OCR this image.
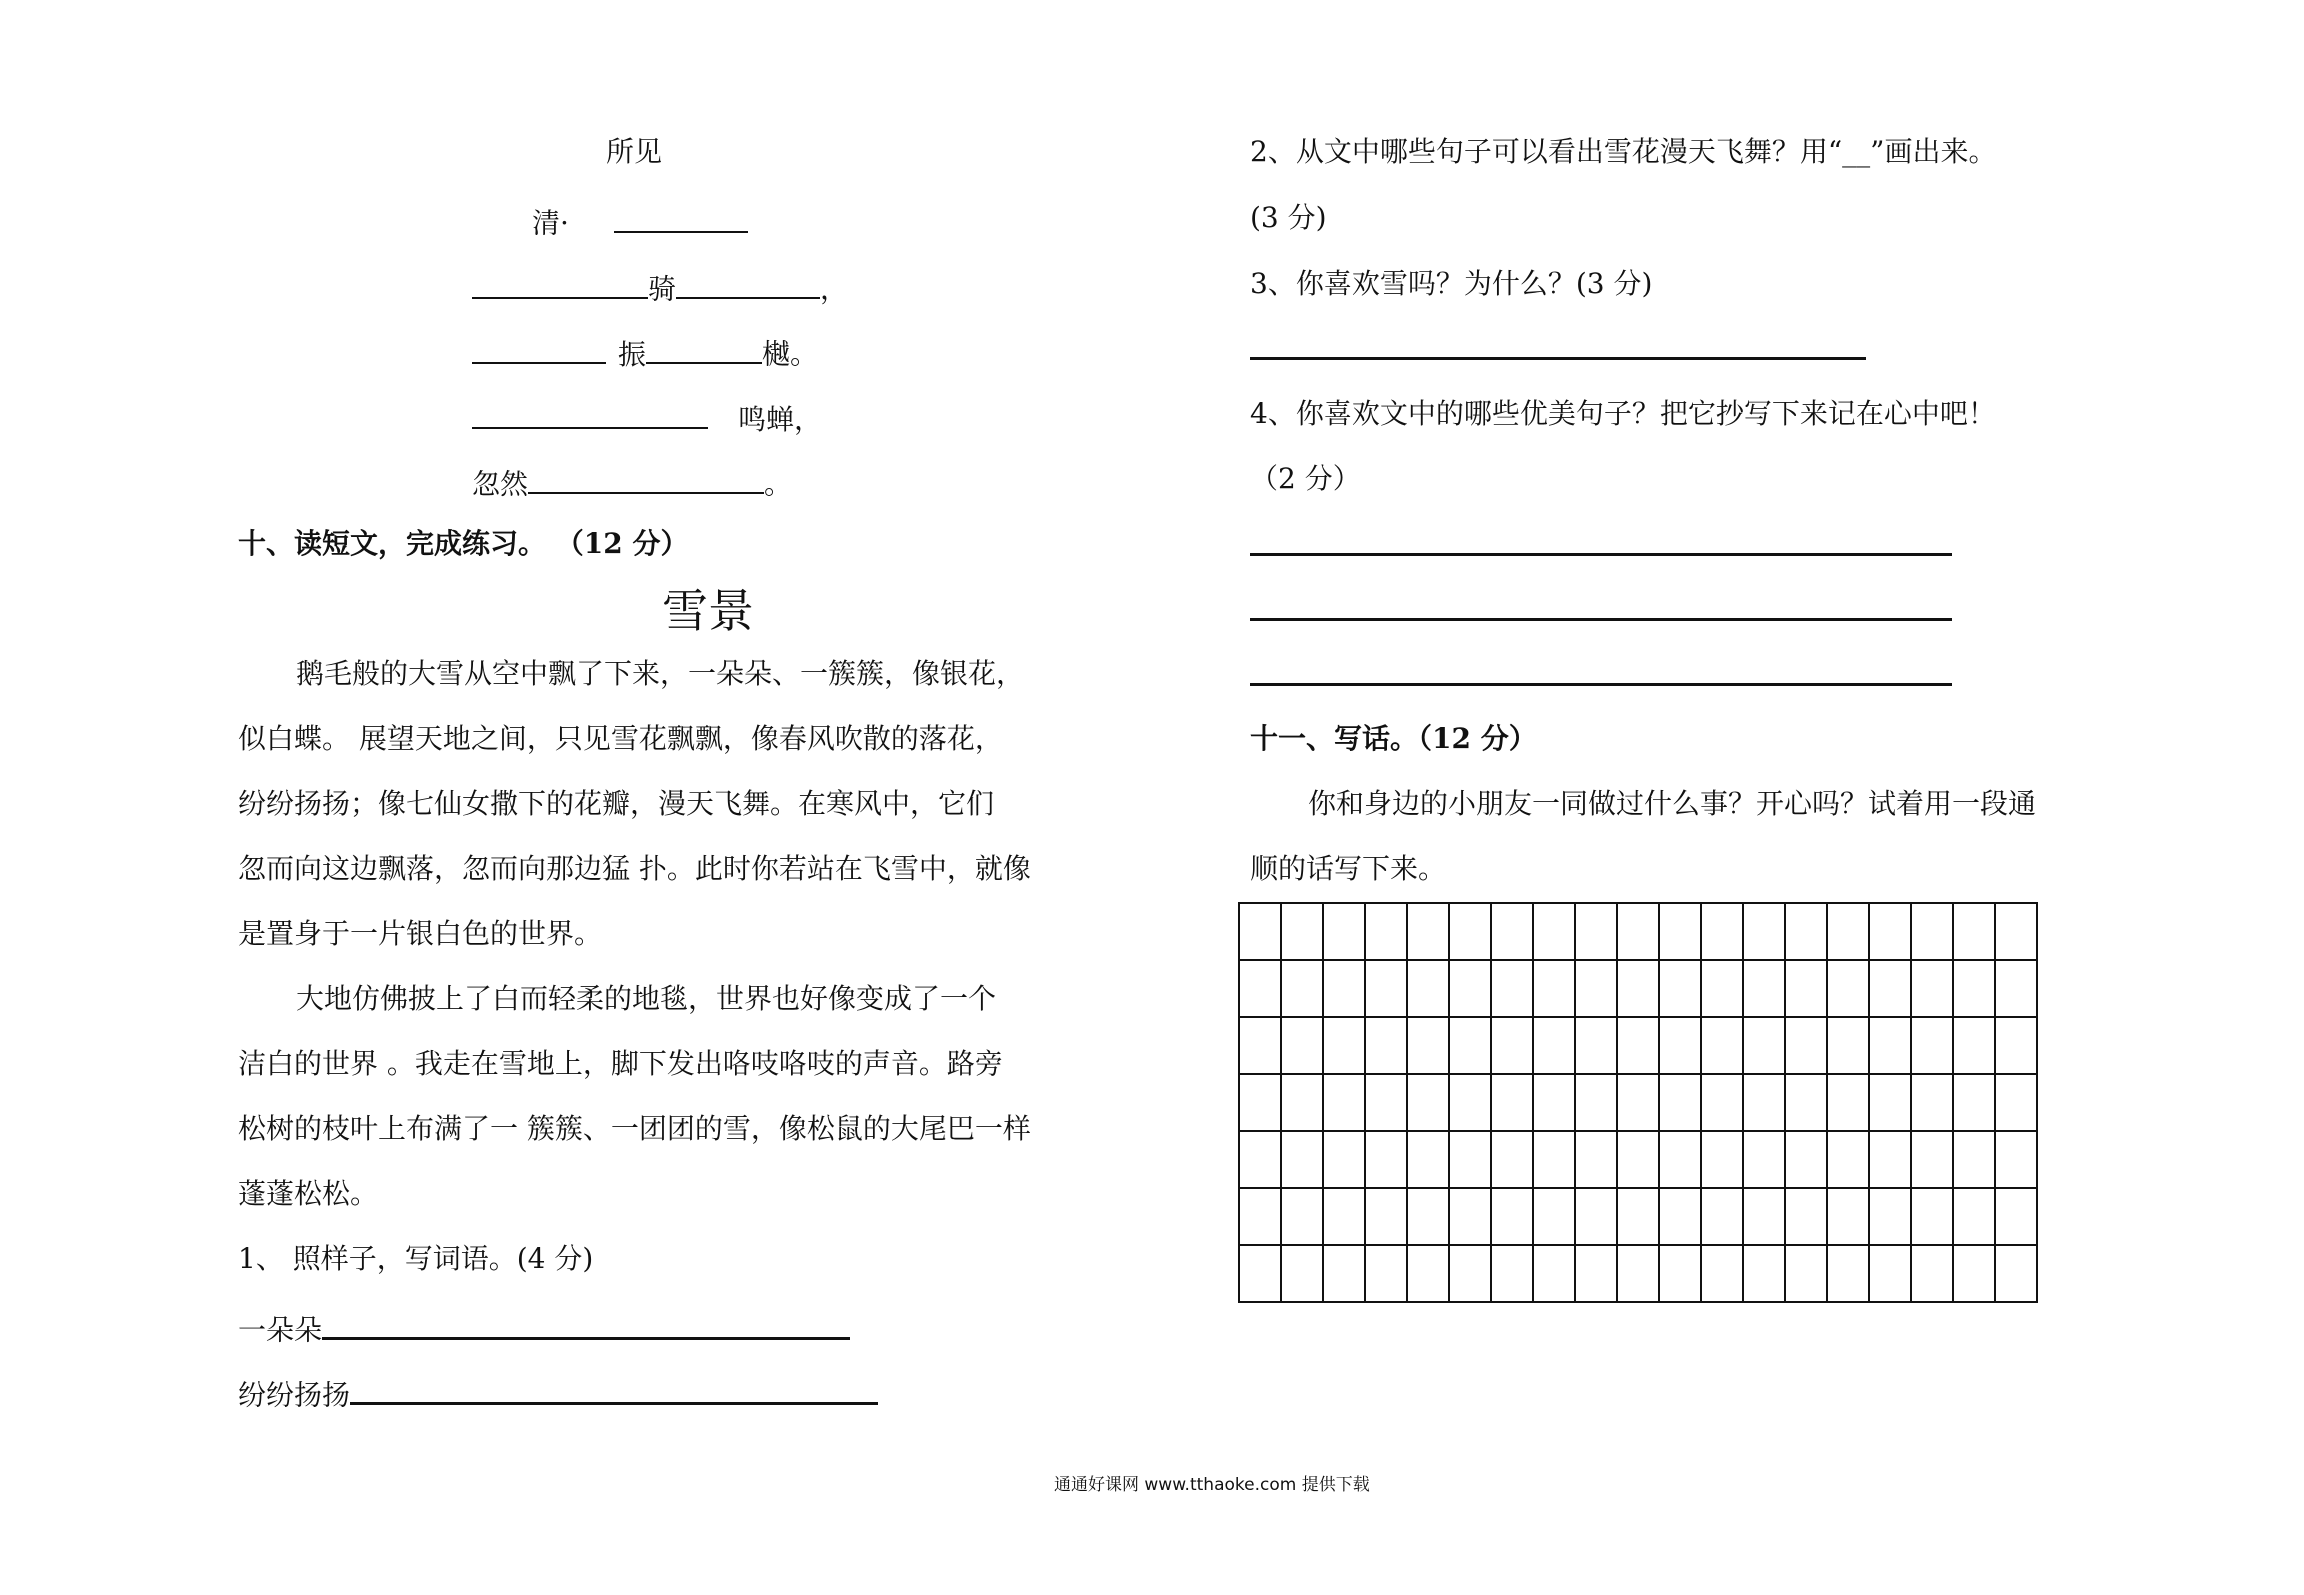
所见
清·
骑	，
振	樾。
鸣蝉，
忽然	。
十、读短文，完成练习。 （12 分）
雪景
鹅毛般的大雪从空中飘了下来，一朵朵、一簇簇，像银花，
似白蝶。 展望天地之间，只见雪花飘飘，像春风吹散的落花，
纷纷扬扬；像七仙女撒下的花瓣，漫天飞舞。在寒风中，它们
忽而向这边飘落，忽而向那边猛 扑。此时你若站在飞雪中，就像
是置身于一片银白色的世界。
大地仿佛披上了白而轻柔的地毯，世界也好像变成了一个
洁白的世界 。我走在雪地上，脚下发出咯吱咯吱的声音。路旁
松树的枝叶上布满了一 簇簇、一团团的雪，像松鼠的大尾巴一样
蓬蓬松松。
1、 照样子，写词语。(4 分)
一朵朵
纷纷扬扬
2、从文中哪些句子可以看出雪花漫天飞舞？用“__”画出来。
(3 分)
3、你喜欢雪吗？为什么？(3 分)
4、你喜欢文中的哪些优美句子？把它抄写下来记在心中吧！
（2 分）
十一、写话。（12 分）
你和身边的小朋友一同做过什么事？开心吗？试着用一段通
顺的话写下来。

通通好课网 www.tthaoke.com 提供下载
